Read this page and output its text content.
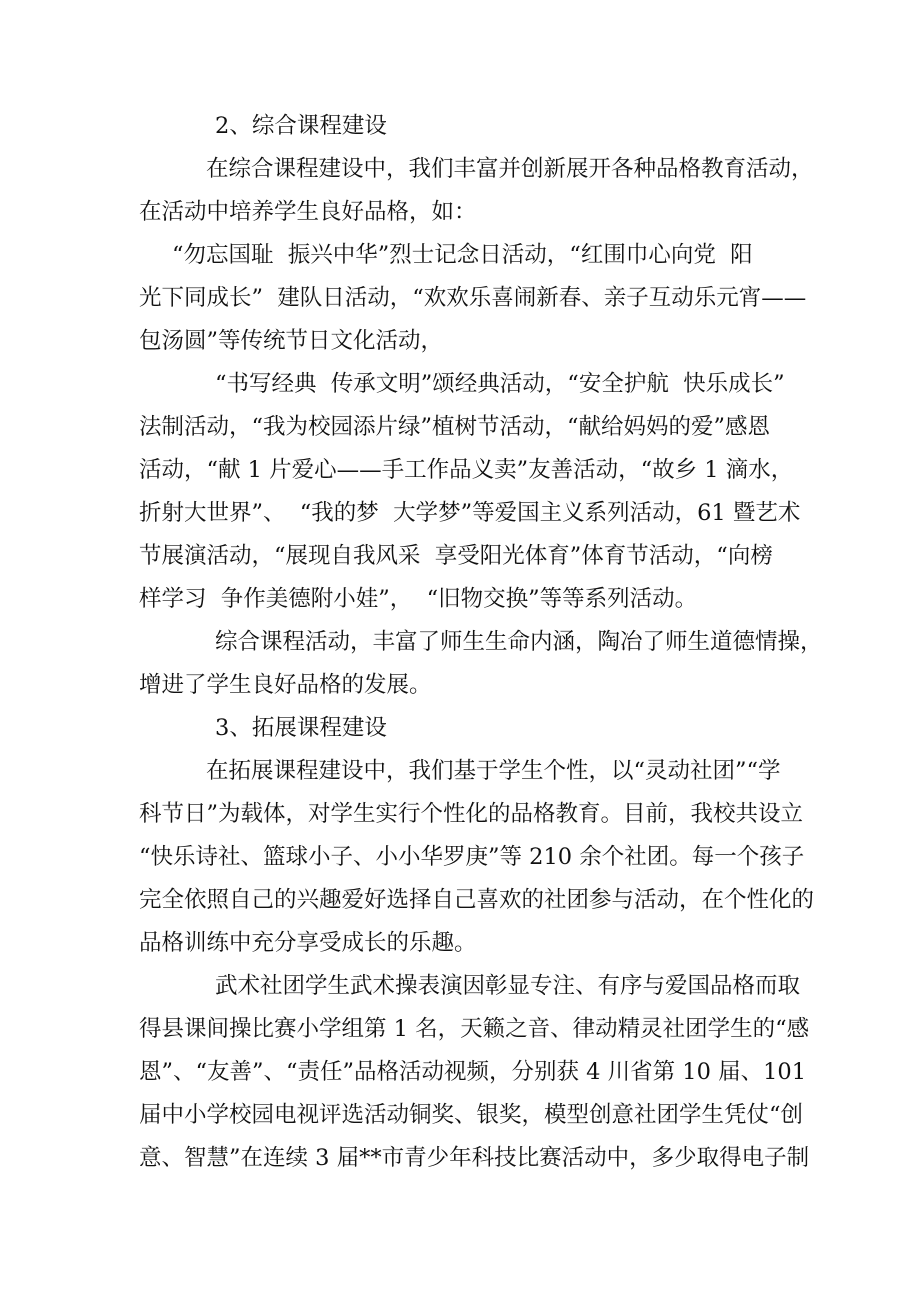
2、综合课程建设
在综合课程建设中，我们丰富并创新展开各种品格教育活动，
在活动中培养学生良好品格，如：
“勿忘国耻  振兴中华”烈士记念日活动，“红围巾心向党  阳
光下同成长”  建队日活动，“欢欢乐喜闹新春、亲子互动乐元宵——
包汤圆”等传统节日文化活动，
“书写经典  传承文明”颂经典活动，“安全护航  快乐成长”
法制活动，“我为校园添片绿”植树节活动，“献给妈妈的爱”感恩
活动，“献 1 片爱心——手工作品义卖”友善活动，“故乡 1 滴水，
折射大世界”、  “我的梦  大学梦”等爱国主义系列活动，61 暨艺术
节展演活动，“展现自我风采  享受阳光体育”体育节活动，“向榜
样学习  争作美德附小娃”，  “旧物交换”等等系列活动。
综合课程活动，丰富了师生生命内涵，陶冶了师生道德情操，
增进了学生良好品格的发展。
3、拓展课程建设
在拓展课程建设中，我们基于学生个性，以“灵动社团”“学
科节日”为载体，对学生实行个性化的品格教育。目前，我校共设立
“快乐诗社、篮球小子、小小华罗庚”等 210 余个社团。每一个孩子
完全依照自己的兴趣爱好选择自己喜欢的社团参与活动，在个性化的
品格训练中充分享受成长的乐趣。
武术社团学生武术操表演因彰显专注、有序与爱国品格而取
得县课间操比赛小学组第 1 名，天籁之音、律动精灵社团学生的“感
恩”、“友善”、“责任”品格活动视频，分别获 4 川省第 10 届、101
届中小学校园电视评选活动铜奖、银奖，模型创意社团学生凭仗“创
意、智慧”在连续 3 届**市青少年科技比赛活动中，多少取得电子制
